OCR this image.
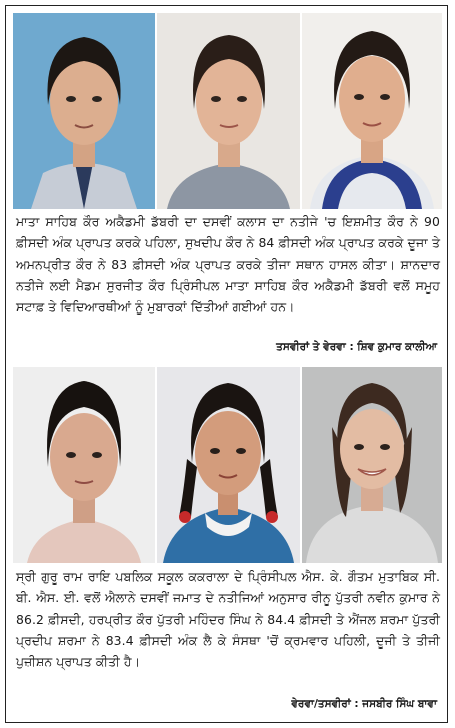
ਮਾਤਾ ਸਾਹਿਬ ਕੌਰ ਅਕੈਡਮੀ ਡੱਬਰੀ ਦਾ ਦਸਵੀਂ ਕਲਾਸ ਦਾ ਨਤੀਜੇ 'ਚ ਇਸ਼ਮੀਤ ਕੌਰ ਨੇ 90 ਫ਼ੀਸਦੀ ਅੰਕ ਪ੍ਰਾਪਤ ਕਰਕੇ ਪਹਿਲਾ, ਸੁਖਦੀਪ ਕੌਰ ਨੇ 84 ਫ਼ੀਸਦੀ ਅੰਕ ਪ੍ਰਾਪਤ ਕਰਕੇ ਦੂਜਾ ਤੇ ਅਮਨਪ੍ਰੀਤ ਕੌਰ ਨੇ 83 ਫ਼ੀਸਦੀ ਅੰਕ ਪ੍ਰਾਪਤ ਕਰਕੇ ਤੀਜਾ ਸਥਾਨ ਹਾਸਲ ਕੀਤਾ। ਸ਼ਾਨਦਾਰ ਨਤੀਜੇ ਲਈ ਮੈਡਮ ਸੁਰਜੀਤ ਕੌਰ ਪ੍ਰਿੰਸੀਪਲ ਮਾਤਾ ਸਾਹਿਬ ਕੌਰ ਅਕੈਡਮੀ ਡੱਬਰੀ ਵਲੋਂ ਸਮੂਹ ਸਟਾਫ਼ ਤੇ ਵਿਦਿਆਰਥੀਆਂ ਨੂੰ ਮੁਬਾਰਕਾਂ ਦਿੱਤੀਆਂ ਗਈਆਂ ਹਨ।

ਤਸਵੀਰਾਂ ਤੇ ਵੇਰਵਾ : ਸ਼ਿਵ ਕੁਮਾਰ ਕਾਲੀਆ

ਸ੍ਰੀ ਗੁਰੂ ਰਾਮ ਰਾਇ ਪਬਲਿਕ ਸਕੂਲ ਕਕਰਾਲਾ ਦੇ ਪ੍ਰਿੰਸੀਪਲ ਐਸ. ਕੇ. ਗੌਤਮ ਮੁਤਾਬਿਕ ਸੀ. ਬੀ. ਐਸ. ਈ. ਵਲੋਂ ਐਲਾਨੇ ਦਸਵੀਂ ਜਮਾਤ ਦੇ ਨਤੀਜਿਆਂ ਅਨੁਸਾਰ ਰੀਨੂ ਪੁੱਤਰੀ ਨਵੀਨ ਕੁਮਾਰ ਨੇ 86.2 ਫ਼ੀਸਦੀ, ਹਰਪ੍ਰੀਤ ਕੌਰ ਪੁੱਤਰੀ ਮਹਿੰਦਰ ਸਿੰਘ ਨੇ 84.4 ਫ਼ੀਸਦੀ ਤੇ ਐਂਜਲ ਸ਼ਰਮਾ ਪੁੱਤਰੀ ਪ੍ਰਦੀਪ ਸ਼ਰਮਾ ਨੇ 83.4 ਫ਼ੀਸਦੀ ਅੰਕ ਲੈ ਕੇ ਸੰਸਥਾ 'ਚੋਂ ਕ੍ਰਮਵਾਰ ਪਹਿਲੀ, ਦੂਜੀ ਤੇ ਤੀਜੀ ਪੁਜ਼ੀਸ਼ਨ ਪ੍ਰਾਪਤ ਕੀਤੀ ਹੈ।

ਵੇਰਵਾ/ਤਸਵੀਰਾਂ : ਜਸਬੀਰ ਸਿੰਘ ਬਾਵਾ
